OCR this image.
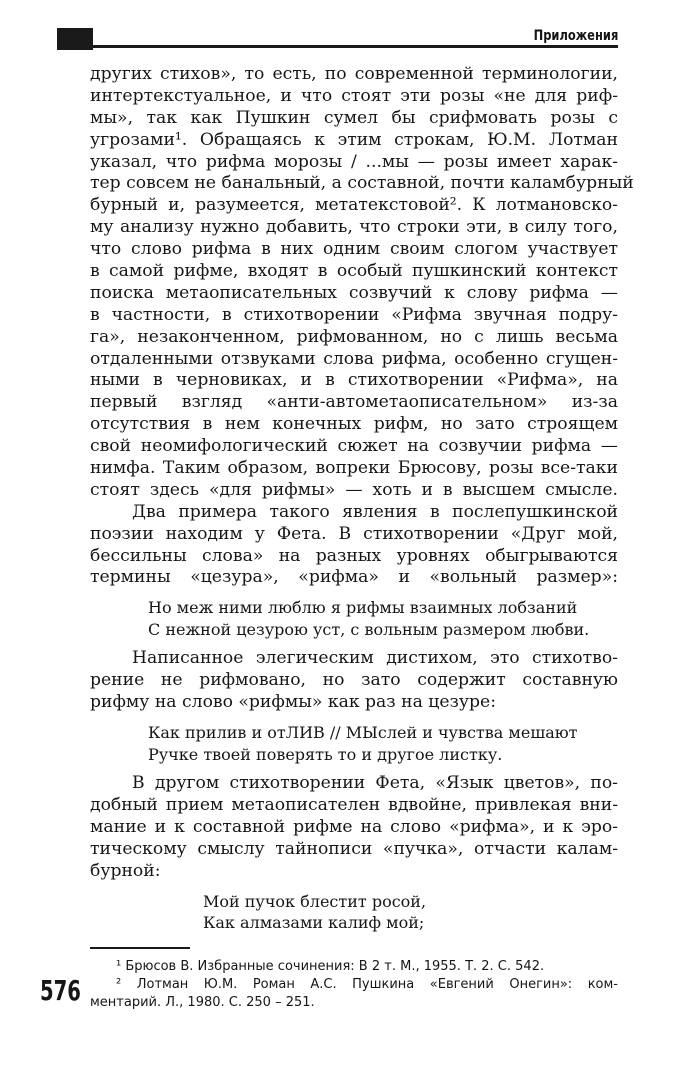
Приложения
других стихов», то есть, по современной терминологии,
интертекстуальное, и что стоят эти розы «не для риф-
мы», так как Пушкин сумел бы срифмовать розы с
угрозами¹. Обращаясь к этим строкам, Ю.М. Лотман
указал, что рифма морозы / ...мы — розы имеет харак-
тер совсем не банальный, а составной, почти каламбурный
бурный и, разумеется, метатекстовой². К лотмановско-
му анализу нужно добавить, что строки эти, в силу того,
что слово рифма в них одним своим слогом участвует
в самой рифме, входят в особый пушкинский контекст
поиска метаописательных созвучий к слову рифма —
в частности, в стихотворении «Рифма звучная подру-
га», незаконченном, рифмованном, но с лишь весьма
отдаленными отзвуками слова рифма, особенно сгущен-
ными в черновиках, и в стихотворении «Рифма», на
первый взгляд «анти-автометаописательном» из-за
отсутствия в нем конечных рифм, но зато строящем
свой неомифологический сюжет на созвучии рифма —
нимфа. Таким образом, вопреки Брюсову, розы все-таки
стоят здесь «для рифмы» — хоть и в высшем смысле.
Два примера такого явления в послепушкинской
поэзии находим у Фета. В стихотворении «Друг мой,
бессильны слова» на разных уровнях обыгрываются
термины «цезура», «рифма» и «вольный размер»:
Но меж ними люблю я рифмы взаимных лобзаний
С нежной цезурою уст, с вольным размером любви.
Написанное элегическим дистихом, это стихотво-
рение не рифмовано, но зато содержит составную
рифму на слово «рифмы» как раз на цезуре:
Как прилив и отЛИВ // МЫслей и чувства мешают
Ручке твоей поверять то и другое листку.
В другом стихотворении Фета, «Язык цветов», по-
добный прием метаописателен вдвойне, привлекая вни-
мание и к составной рифме на слово «рифма», и к эро-
тическому смыслу тайнописи «пучка», отчасти калам-
бурной:
Мой пучок блестит росой,
Как алмазами калиф мой;
¹ Брюсов В. Избранные сочинения: В 2 т. М., 1955. Т. 2. С. 542.
² Лотман Ю.М. Роман А.С. Пушкина «Евгений Онегин»: ком-
ментарий. Л., 1980. С. 250 – 251.
576
